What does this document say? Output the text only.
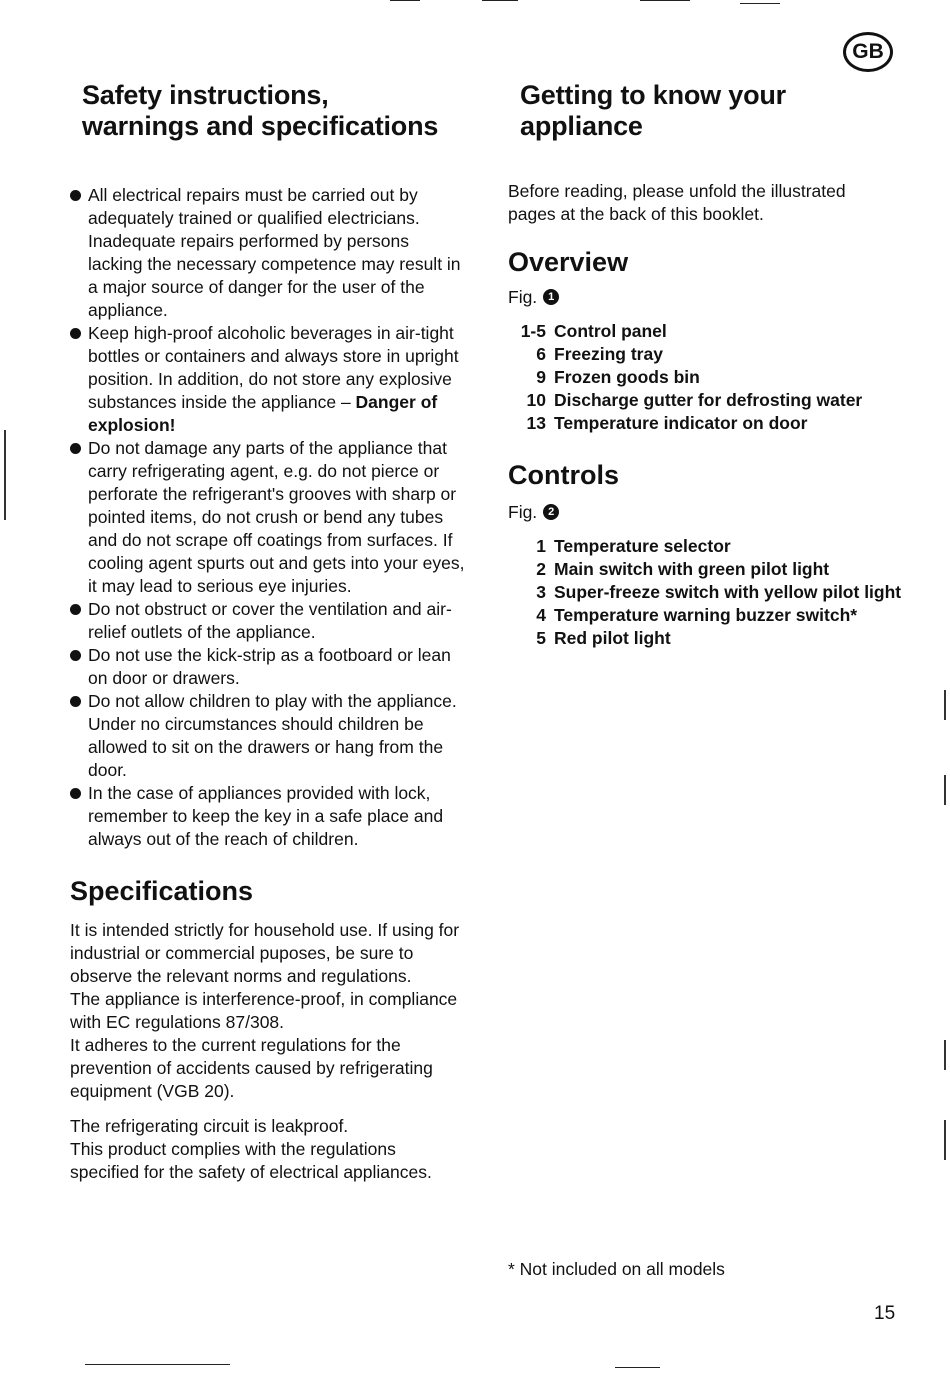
GB
Safety instructions,
warnings and specifications
All electrical repairs must be carried out by adequately trained or qualified electricians. Inadequate repairs performed by persons lacking the necessary competence may result in a major source of danger for the user of the appliance.
Keep high-proof alcoholic beverages in air-tight bottles or containers and always store in upright position. In addition, do not store any explosive substances inside the appliance – Danger of explosion!
Do not damage any parts of the appliance that carry refrigerating agent, e.g. do not pierce or perforate the refrigerant's grooves with sharp or pointed items, do not crush or bend any tubes and do not scrape off coatings from surfaces. If cooling agent spurts out and gets into your eyes, it may lead to serious eye injuries.
Do not obstruct or cover the ventilation and air-relief outlets of the appliance.
Do not use the kick-strip as a footboard or lean on door or drawers.
Do not allow children to play with the appliance. Under no circumstances should children be allowed to sit on the drawers or hang from the door.
In the case of appliances provided with lock, remember to keep the key in a safe place and always out of the reach of children.
Specifications
It is intended strictly for household use. If using for industrial or commercial puposes, be sure to observe the relevant norms and regulations.
The appliance is interference-proof, in compliance with EC regulations 87/308.
It adheres to the current regulations for the prevention of accidents caused by refrigerating equipment (VGB 20).
The refrigerating circuit is leakproof.
This product complies with the regulations specified for the safety of electrical appliances.
Getting to know your
appliance
Before reading, please unfold the illustrated pages at the back of this booklet.
Overview
Fig. 1
1-5 Control panel
6 Freezing tray
9 Frozen goods bin
10 Discharge gutter for defrosting water
13 Temperature indicator on door
Controls
Fig. 2
1 Temperature selector
2 Main switch with green pilot light
3 Super-freeze switch with yellow pilot light
4 Temperature warning buzzer switch*
5 Red pilot light
* Not included on all models
15
